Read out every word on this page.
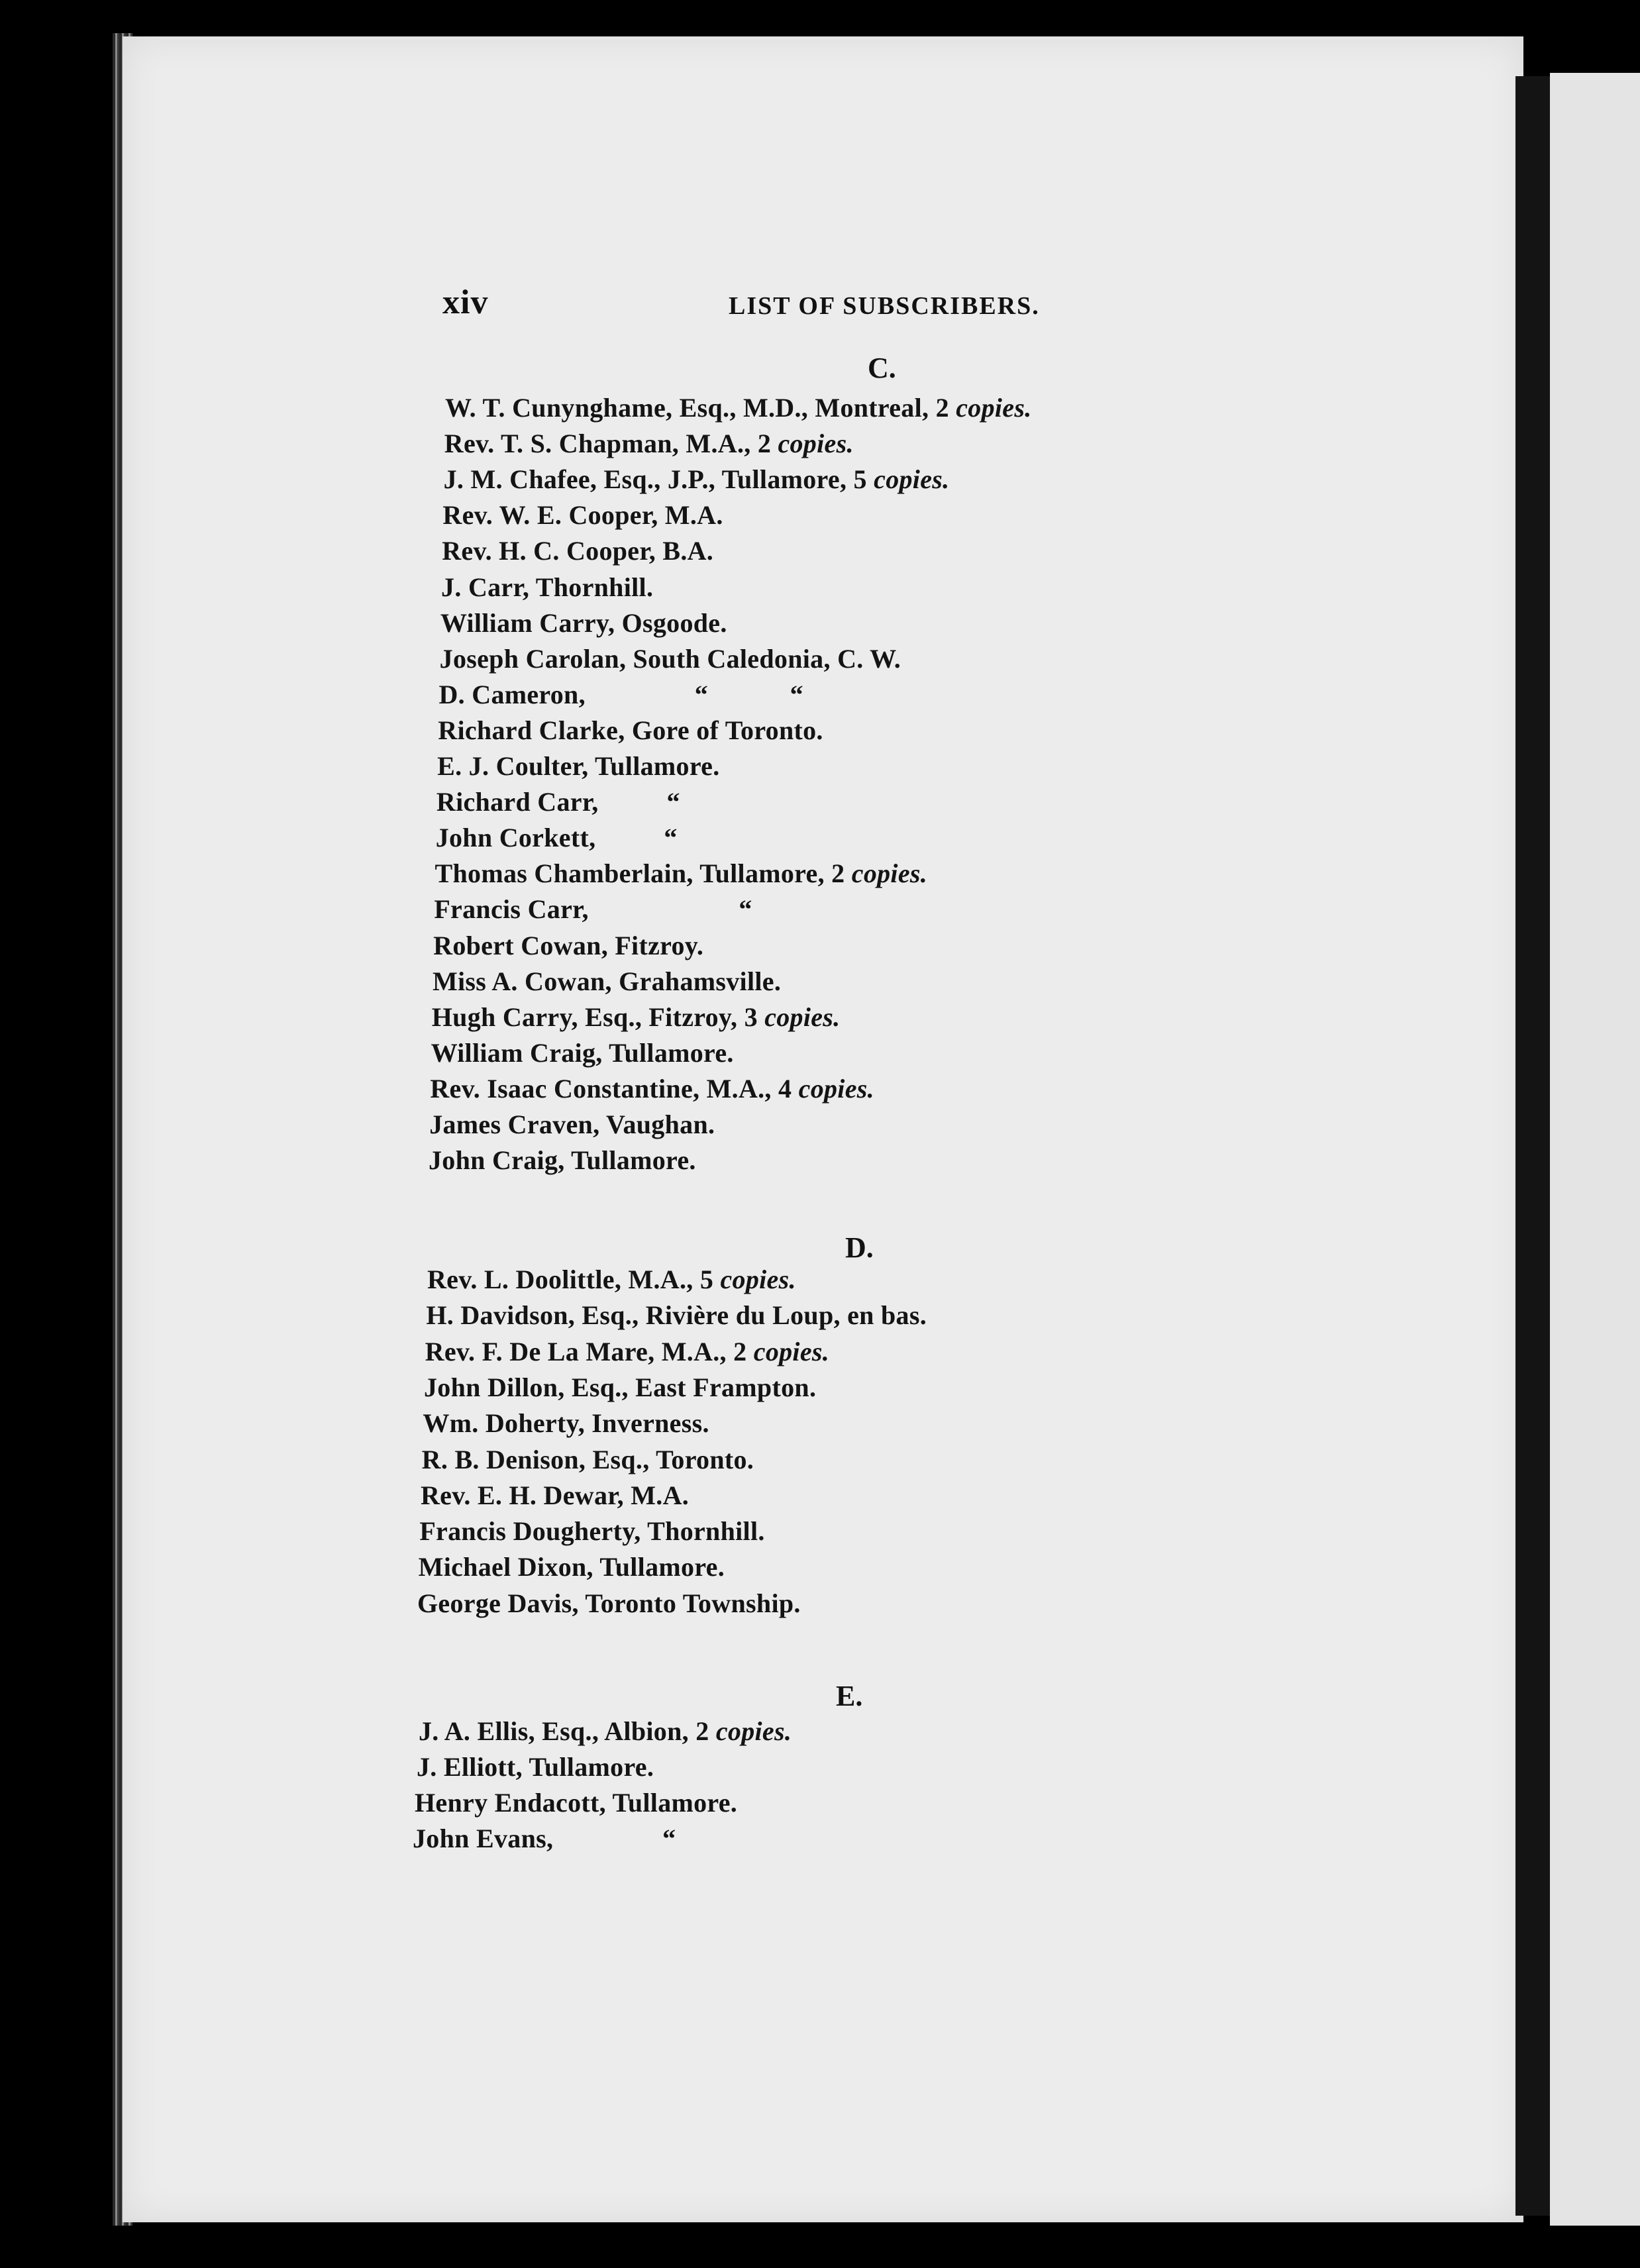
xiv	LIST OF SUBSCRIBERS.
C.
W. T. Cunynghame, Esq., M.D., Montreal, 2 copies.
Rev. T. S. Chapman, M.A., 2 copies.
J. M. Chafee, Esq., J.P., Tullamore, 5 copies.
Rev. W. E. Cooper, M.A.
Rev. H. C. Cooper, B.A.
J. Carr, Thornhill.
William Carry, Osgoode.
Joseph Carolan, South Caledonia, C. W.
D. Cameron,                “            “
Richard Clarke, Gore of Toronto.
E. J. Coulter, Tullamore.
Richard Carr,          “
John Corkett,          “
Thomas Chamberlain, Tullamore, 2 copies.
Francis Carr,                      “
Robert Cowan, Fitzroy.
Miss A. Cowan, Grahamsville.
Hugh Carry, Esq., Fitzroy, 3 copies.
William Craig, Tullamore.
Rev. Isaac Constantine, M.A., 4 copies.
James Craven, Vaughan.
John Craig, Tullamore.
D.
Rev. L. Doolittle, M.A., 5 copies.
H. Davidson, Esq., Rivière du Loup, en bas.
Rev. F. De La Mare, M.A., 2 copies.
John Dillon, Esq., East Frampton.
Wm. Doherty, Inverness.
R. B. Denison, Esq., Toronto.
Rev. E. H. Dewar, M.A.
Francis Dougherty, Thornhill.
Michael Dixon, Tullamore.
George Davis, Toronto Township.
E.
J. A. Ellis, Esq., Albion, 2 copies.
J. Elliott, Tullamore.
Henry Endacott, Tullamore.
John Evans,                “
